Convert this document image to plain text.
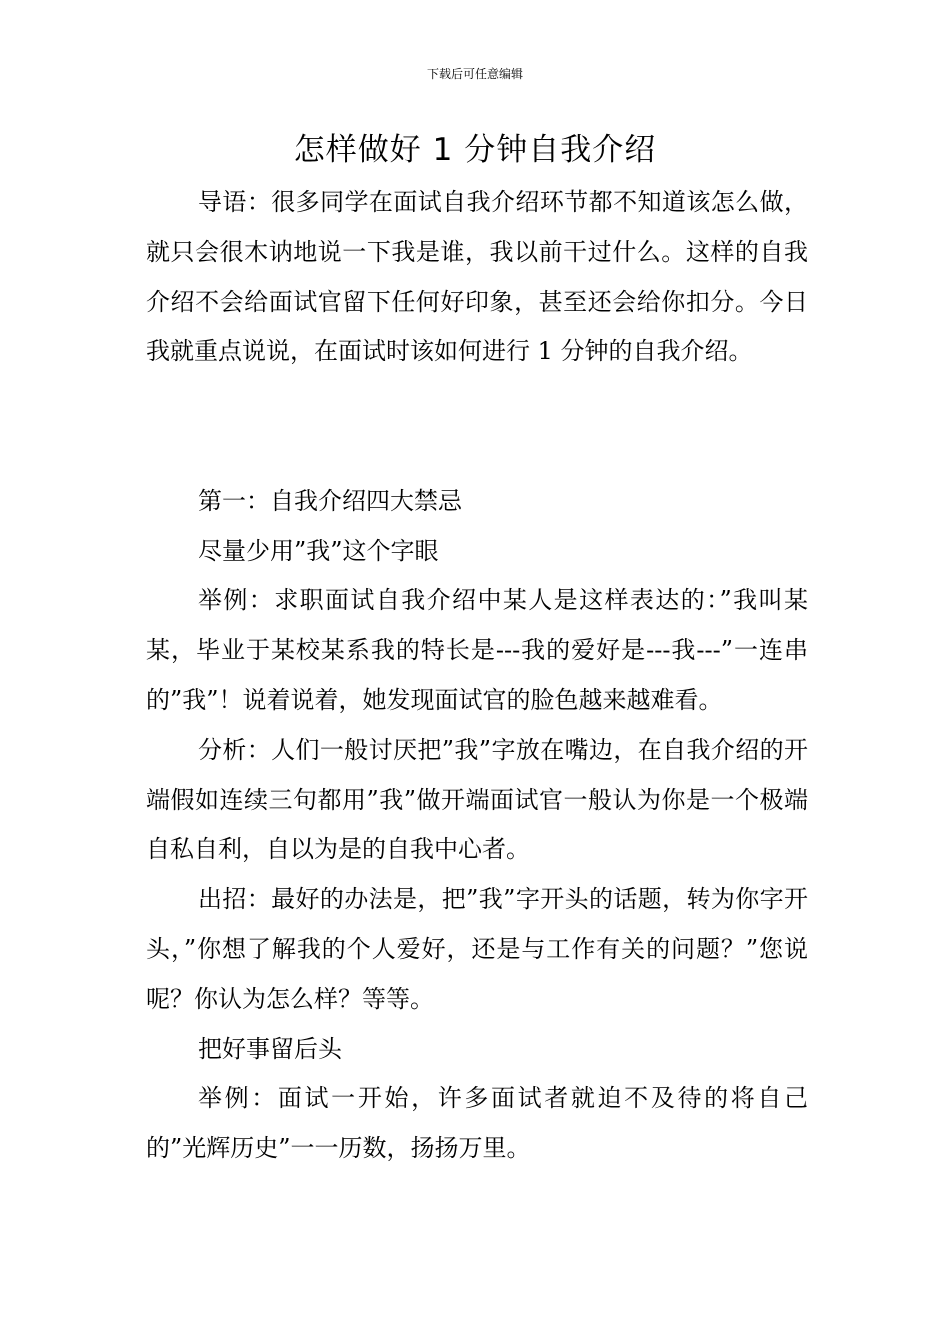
下载后可任意编辑
怎样做好 1 分钟自我介绍

导语：很多同学在面试自我介绍环节都不知道该怎么做，就只会很木讷地说一下我是谁，我以前干过什么。这样的自我介绍不会给面试官留下任何好印象，甚至还会给你扣分。今日我就重点说说，在面试时该如何进行 1 分钟的自我介绍。

第一：自我介绍四大禁忌

尽量少用”我”这个字眼

举例：求职面试自我介绍中某人是这样表达的：”我叫某某，毕业于某校某系我的特长是---我的爱好是---我---”一连串的”我”！说着说着，她发现面试官的脸色越来越难看。

分析：人们一般讨厌把”我”字放在嘴边，在自我介绍的开端假如连续三句都用”我”做开端面试官一般认为你是一个极端自私自利，自以为是的自我中心者。

出招：最好的办法是，把”我”字开头的话题，转为你字开头，”你想了解我的个人爱好，还是与工作有关的问题？”您说呢？你认为怎么样？等等。

把好事留后头

举例：面试一开始，许多面试者就迫不及待的将自己的”光辉历史”一一历数，扬扬万里。
